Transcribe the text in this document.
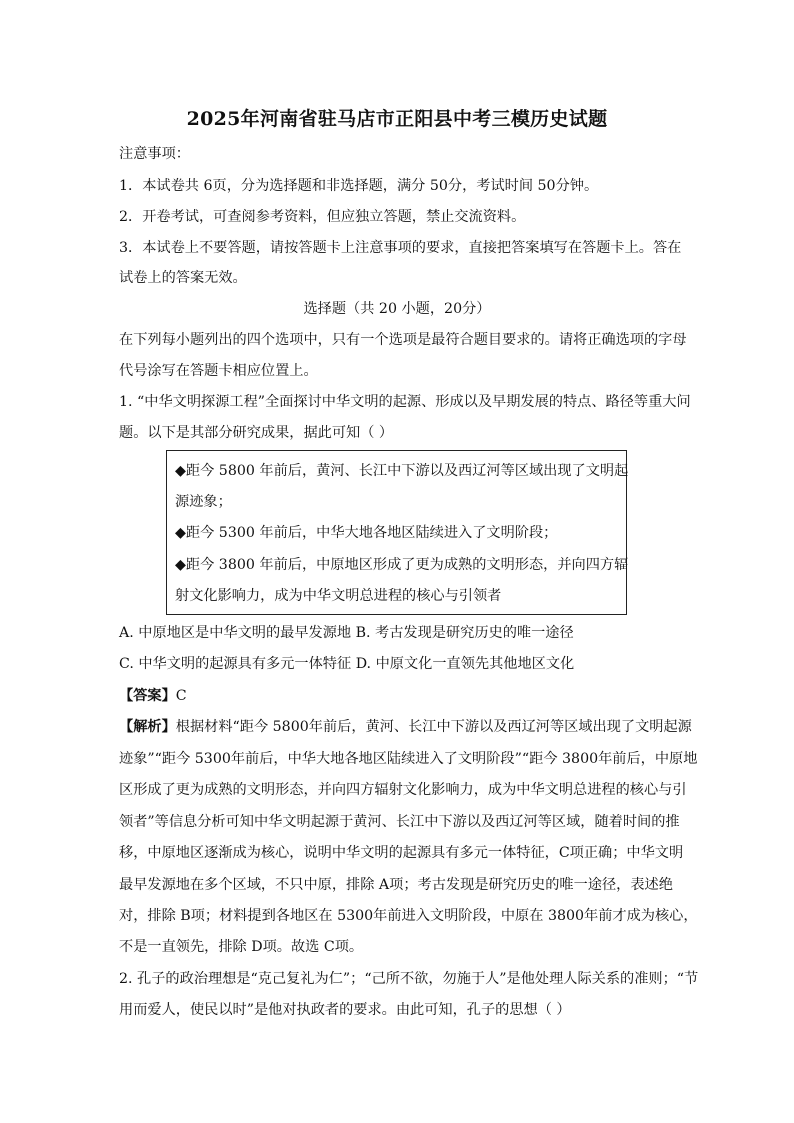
2025年河南省驻马店市正阳县中考三模历史试题
注意事项：
1．本试卷共 6页，分为选择题和非选择题，满分 50分，考试时间 50分钟。
2．开卷考试，可查阅参考资料，但应独立答题，禁止交流资料。
3．本试卷上不要答题，请按答题卡上注意事项的要求，直接把答案填写在答题卡上。答在
试卷上的答案无效。
选择题（共 20 小题，20分）
在下列每小题列出的四个选项中，只有一个选项是最符合题目要求的。请将正确选项的字母
代号涂写在答题卡相应位置上。
1. “中华文明探源工程”全面探讨中华文明的起源、形成以及早期发展的特点、路径等重大问
题。以下是其部分研究成果，据此可知（ ）
◆距今 5800 年前后，黄河、长江中下游以及西辽河等区域出现了文明起
源迹象；
◆距今 5300 年前后，中华大地各地区陆续进入了文明阶段；
◆距今 3800 年前后，中原地区形成了更为成熟的文明形态，并向四方辐
射文化影响力，成为中华文明总进程的核心与引领者
A. 中原地区是中华文明的最早发源地 B. 考古发现是研究历史的唯一途径
C. 中华文明的起源具有多元一体特征 D. 中原文化一直领先其他地区文化
【答案】C
【解析】根据材料“距今 5800年前后，黄河、长江中下游以及西辽河等区域出现了文明起源
迹象”“距今 5300年前后，中华大地各地区陆续进入了文明阶段”“距今 3800年前后，中原地
区形成了更为成熟的文明形态，并向四方辐射文化影响力，成为中华文明总进程的核心与引
领者”等信息分析可知中华文明起源于黄河、长江中下游以及西辽河等区域，随着时间的推
移，中原地区逐渐成为核心，说明中华文明的起源具有多元一体特征，C项正确；中华文明
最早发源地在多个区域，不只中原，排除 A项；考古发现是研究历史的唯一途径，表述绝
对，排除 B项；材料提到各地区在 5300年前进入文明阶段，中原在 3800年前才成为核心，
不是一直领先，排除 D项。故选 C项。
2. 孔子的政治理想是“克己复礼为仁”；“己所不欲，勿施于人”是他处理人际关系的准则；“节
用而爱人，使民以时”是他对执政者的要求。由此可知，孔子的思想（ ）
